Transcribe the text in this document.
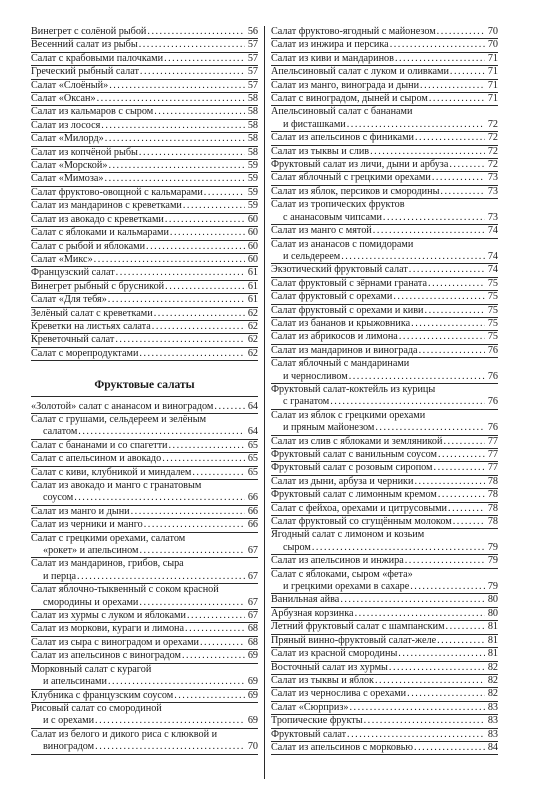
Винегрет с солёной рыбой .....	56
Весенний салат из рыбы .....	57
Салат с крабовыми палочками .....	57
Греческий рыбный салат .....	57
Салат «Слоёный» .....	57
Салат «Оксан» .....	58
Салат из кальмаров с сыром .....	58
Салат из лосося .....	58
Салат «Милорд» .....	58
Салат из копчёной рыбы .....	58
Салат «Морской» .....	59
Салат «Мимоза» .....	59
Салат фруктово-овощной с кальмарами .....	59
Салат из мандаринов с креветками .....	59
Салат из авокадо с креветками .....	60
Салат с яблоками и кальмарами .....	60
Салат с рыбой и яблоками .....	60
Салат «Микс» .....	60
Французский салат .....	61
Винегрет рыбный с брусникой .....	61
Салат «Для тебя» .....	61
Зелёный салат с креветками .....	62
Креветки на листьях салата .....	62
Креветочный салат .....	62
Салат с морепродуктами .....	62
Фруктовые салаты
«Золотой» салат с ананасом и виноградом .....	64
Салат с грушами, сельдереем и зелёным
салатом .....	64
Салат с бананами и со спагетти .....	65
Салат с апельсином и авокадо .....	65
Салат с киви, клубникой и миндалем .....	65
Салат из авокадо и манго с гранатовым
соусом .....	66
Салат из манго и дыни .....	66
Салат из черники и манго .....	66
Салат с грецкими орехами, салатом
«рокет» и апельсином .....	67
Салат из мандаринов, грибов, сыра
и перца .....	67
Салат яблочно-тыквенный с соком красной
смородины и орехами .....	67
Салат из хурмы с луком и яблоками .....	67
Салат из моркови, кураги и лимона .....	68
Салат из сыра с виноградом и орехами .....	68
Салат из апельсинов с виноградом .....	69
Морковный салат с курагой
и апельсинами .....	69
Клубника с французским соусом .....	69
Рисовый салат со смородиной
и с орехами .....	69
Салат из белого и дикого риса с клюквой и
виноградом .....	70
Салат фруктово-ягодный с майонезом .....	70
Салат из инжира и персика .....	70
Салат из киви и мандаринов .....	71
Апельсиновый салат с луком и оливками .....	71
Салат из манго, винограда и дыни .....	71
Салат с виноградом, дыней и сыром .....	71
Апельсиновый салат с бананами
и фисташками .....	72
Салат из апельсинов с финиками .....	72
Салат из тыквы и слив .....	72
Фруктовый салат из личи, дыни и арбуза .....	72
Салат яблочный с грецкими орехами .....	73
Салат из яблок, персиков и смородины .....	73
Салат из тропических фруктов
с ананасовым чипсами .....	73
Салат из манго с мятой .....	74
Салат из ананасов с помидорами
и сельдереем .....	74
Экзотический фруктовый салат .....	74
Салат фруктовый с зёрнами граната .....	75
Салат фруктовый с орехами .....	75
Салат фруктовый с орехами и киви .....	75
Салат из бананов и крыжовника .....	75
Салат из абрикосов и лимона .....	75
Салат из мандаринов и винограда .....	76
Салат яблочный с мандаринами
и черносливом .....	76
Фруктовый салат-коктейль из курицы
с гранатом .....	76
Салат из яблок с грецкими орехами
и пряным майонезом .....	76
Салат из слив с яблоками и земляникой .....	77
Фруктовый салат с ванильным соусом .....	77
Фруктовый салат с розовым сиропом .....	77
Салат из дыни, арбуза и черники .....	78
Фруктовый салат с лимонным кремом .....	78
Салат с фейхоа, орехами и цитрусовыми .....	78
Салат фруктовый со сгущённым молоком .....	78
Ягодный салат с лимоном и козьим
сыром .....	79
Салат из апельсинов и инжира .....	79
Салат с яблоками, сыром «фета»
и грецкими орехами в сахаре .....	79
Ванильная айва .....	80
Арбузная корзинка .....	80
Летний фруктовый салат с шампанским .....	81
Пряный винно-фруктовый салат-желе .....	81
Салат из красной смородины .....	81
Восточный салат из хурмы .....	82
Салат из тыквы и яблок .....	82
Салат из чернослива с орехами .....	82
Салат «Сюрприз» .....	83
Тропические фрукты .....	83
Фруктовый салат .....	83
Салат из апельсинов с морковью .....	84
